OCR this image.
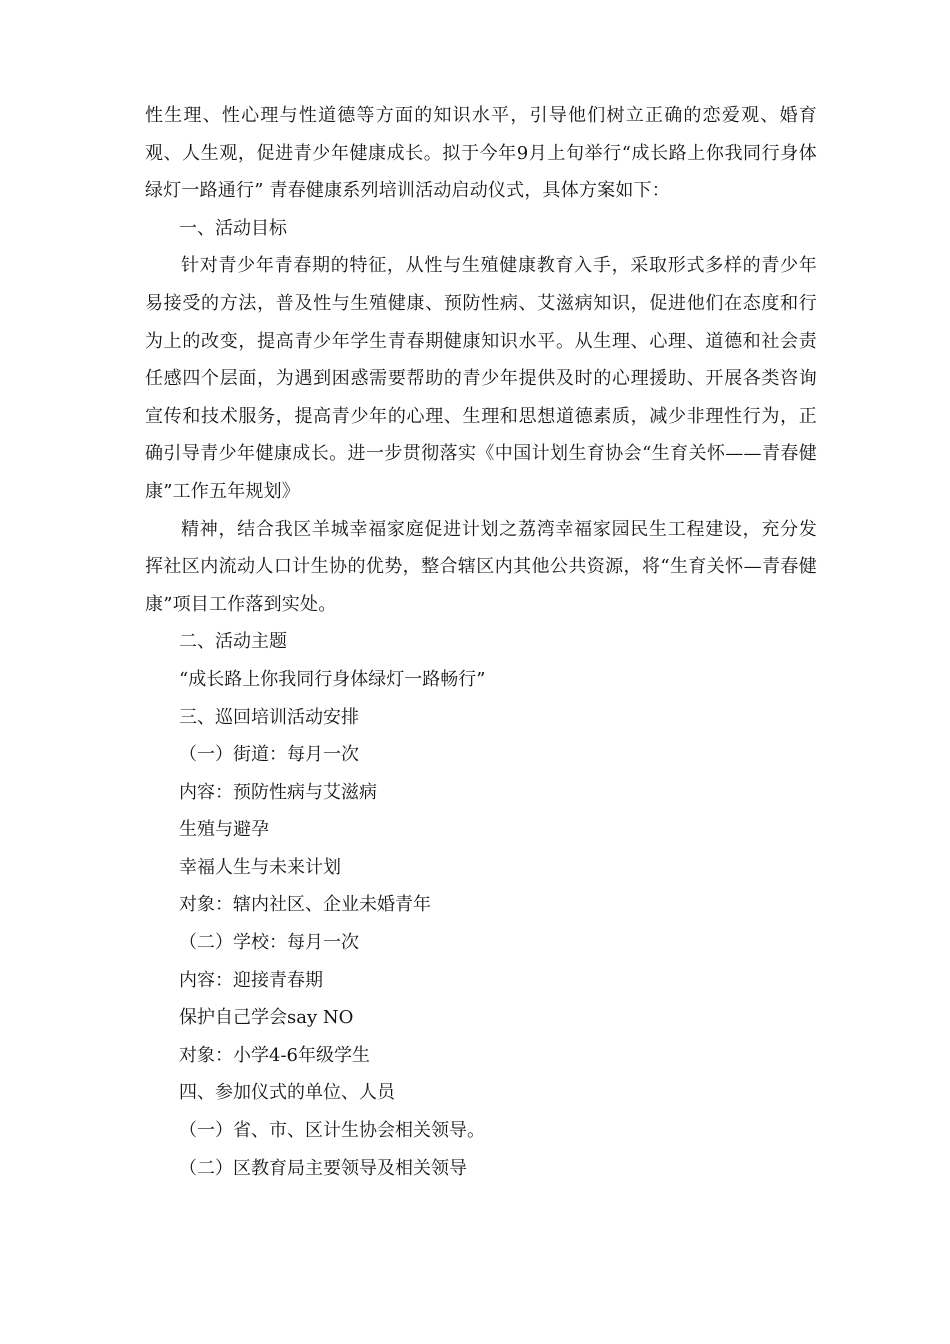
性生理、性心理与性道德等方面的知识水平，引导他们树立正确的恋爱观、婚育观、人生观，促进青少年健康成长。拟于今年9月上旬举行“成长路上你我同行身体绿灯一路通行” 青春健康系列培训活动启动仪式，具体方案如下：

一、活动目标

针对青少年青春期的特征，从性与生殖健康教育入手，采取形式多样的青少年易接受的方法，普及性与生殖健康、预防性病、艾滋病知识，促进他们在态度和行为上的改变，提高青少年学生青春期健康知识水平。从生理、心理、道德和社会责任感四个层面，为遇到困惑需要帮助的青少年提供及时的心理援助、开展各类咨询宣传和技术服务，提高青少年的心理、生理和思想道德素质，减少非理性行为，正确引导青少年健康成长。进一步贯彻落实《中国计划生育协会“生育关怀——青春健康”工作五年规划》

精神，结合我区羊城幸福家庭促进计划之荔湾幸福家园民生工程建设，充分发挥社区内流动人口计生协的优势，整合辖区内其他公共资源，将“生育关怀—青春健康”项目工作落到实处。

二、活动主题

“成长路上你我同行身体绿灯一路畅行”

三、巡回培训活动安排

（一）街道：每月一次

内容：预防性病与艾滋病

生殖与避孕

幸福人生与未来计划

对象：辖内社区、企业未婚青年

（二）学校：每月一次

内容：迎接青春期

保护自己学会say NO

对象：小学4-6年级学生

四、参加仪式的单位、人员

（一）省、市、区计生协会相关领导。

（二）区教育局主要领导及相关领导
